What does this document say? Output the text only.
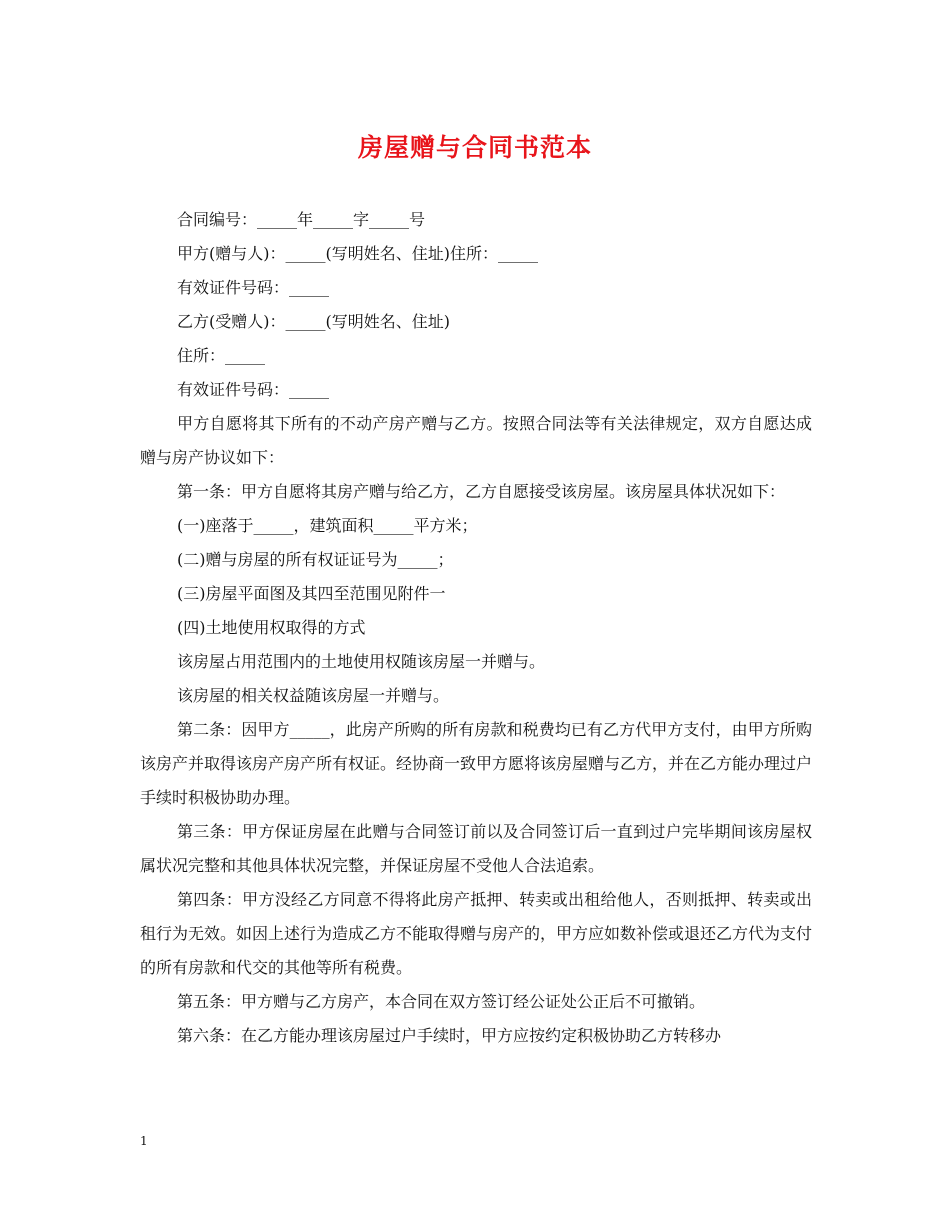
房屋赠与合同书范本

合同编号：_____年_____字_____号

甲方(赠与人)：_____(写明姓名、住址)住所：_____

有效证件号码：_____

乙方(受赠人)：_____(写明姓名、住址)

住所：_____

有效证件号码：_____

甲方自愿将其下所有的不动产房产赠与乙方。按照合同法等有关法律规定，双方自愿达成赠与房产协议如下：

第一条：甲方自愿将其房产赠与给乙方，乙方自愿接受该房屋。该房屋具体状况如下：

(一)座落于_____，建筑面积_____平方米；

(二)赠与房屋的所有权证证号为_____；

(三)房屋平面图及其四至范围见附件一

(四)土地使用权取得的方式

该房屋占用范围内的土地使用权随该房屋一并赠与。

该房屋的相关权益随该房屋一并赠与。

第二条：因甲方_____，此房产所购的所有房款和税费均已有乙方代甲方支付，由甲方所购该房产并取得该房产房产所有权证。经协商一致甲方愿将该房屋赠与乙方，并在乙方能办理过户手续时积极协助办理。

第三条：甲方保证房屋在此赠与合同签订前以及合同签订后一直到过户完毕期间该房屋权属状况完整和其他具体状况完整，并保证房屋不受他人合法追索。

第四条：甲方没经乙方同意不得将此房产抵押、转卖或出租给他人，否则抵押、转卖或出租行为无效。如因上述行为造成乙方不能取得赠与房产的，甲方应如数补偿或退还乙方代为支付的所有房款和代交的其他等所有税费。

第五条：甲方赠与乙方房产，本合同在双方签订经公证处公正后不可撤销。

第六条：在乙方能办理该房屋过户手续时，甲方应按约定积极协助乙方转移办

1
